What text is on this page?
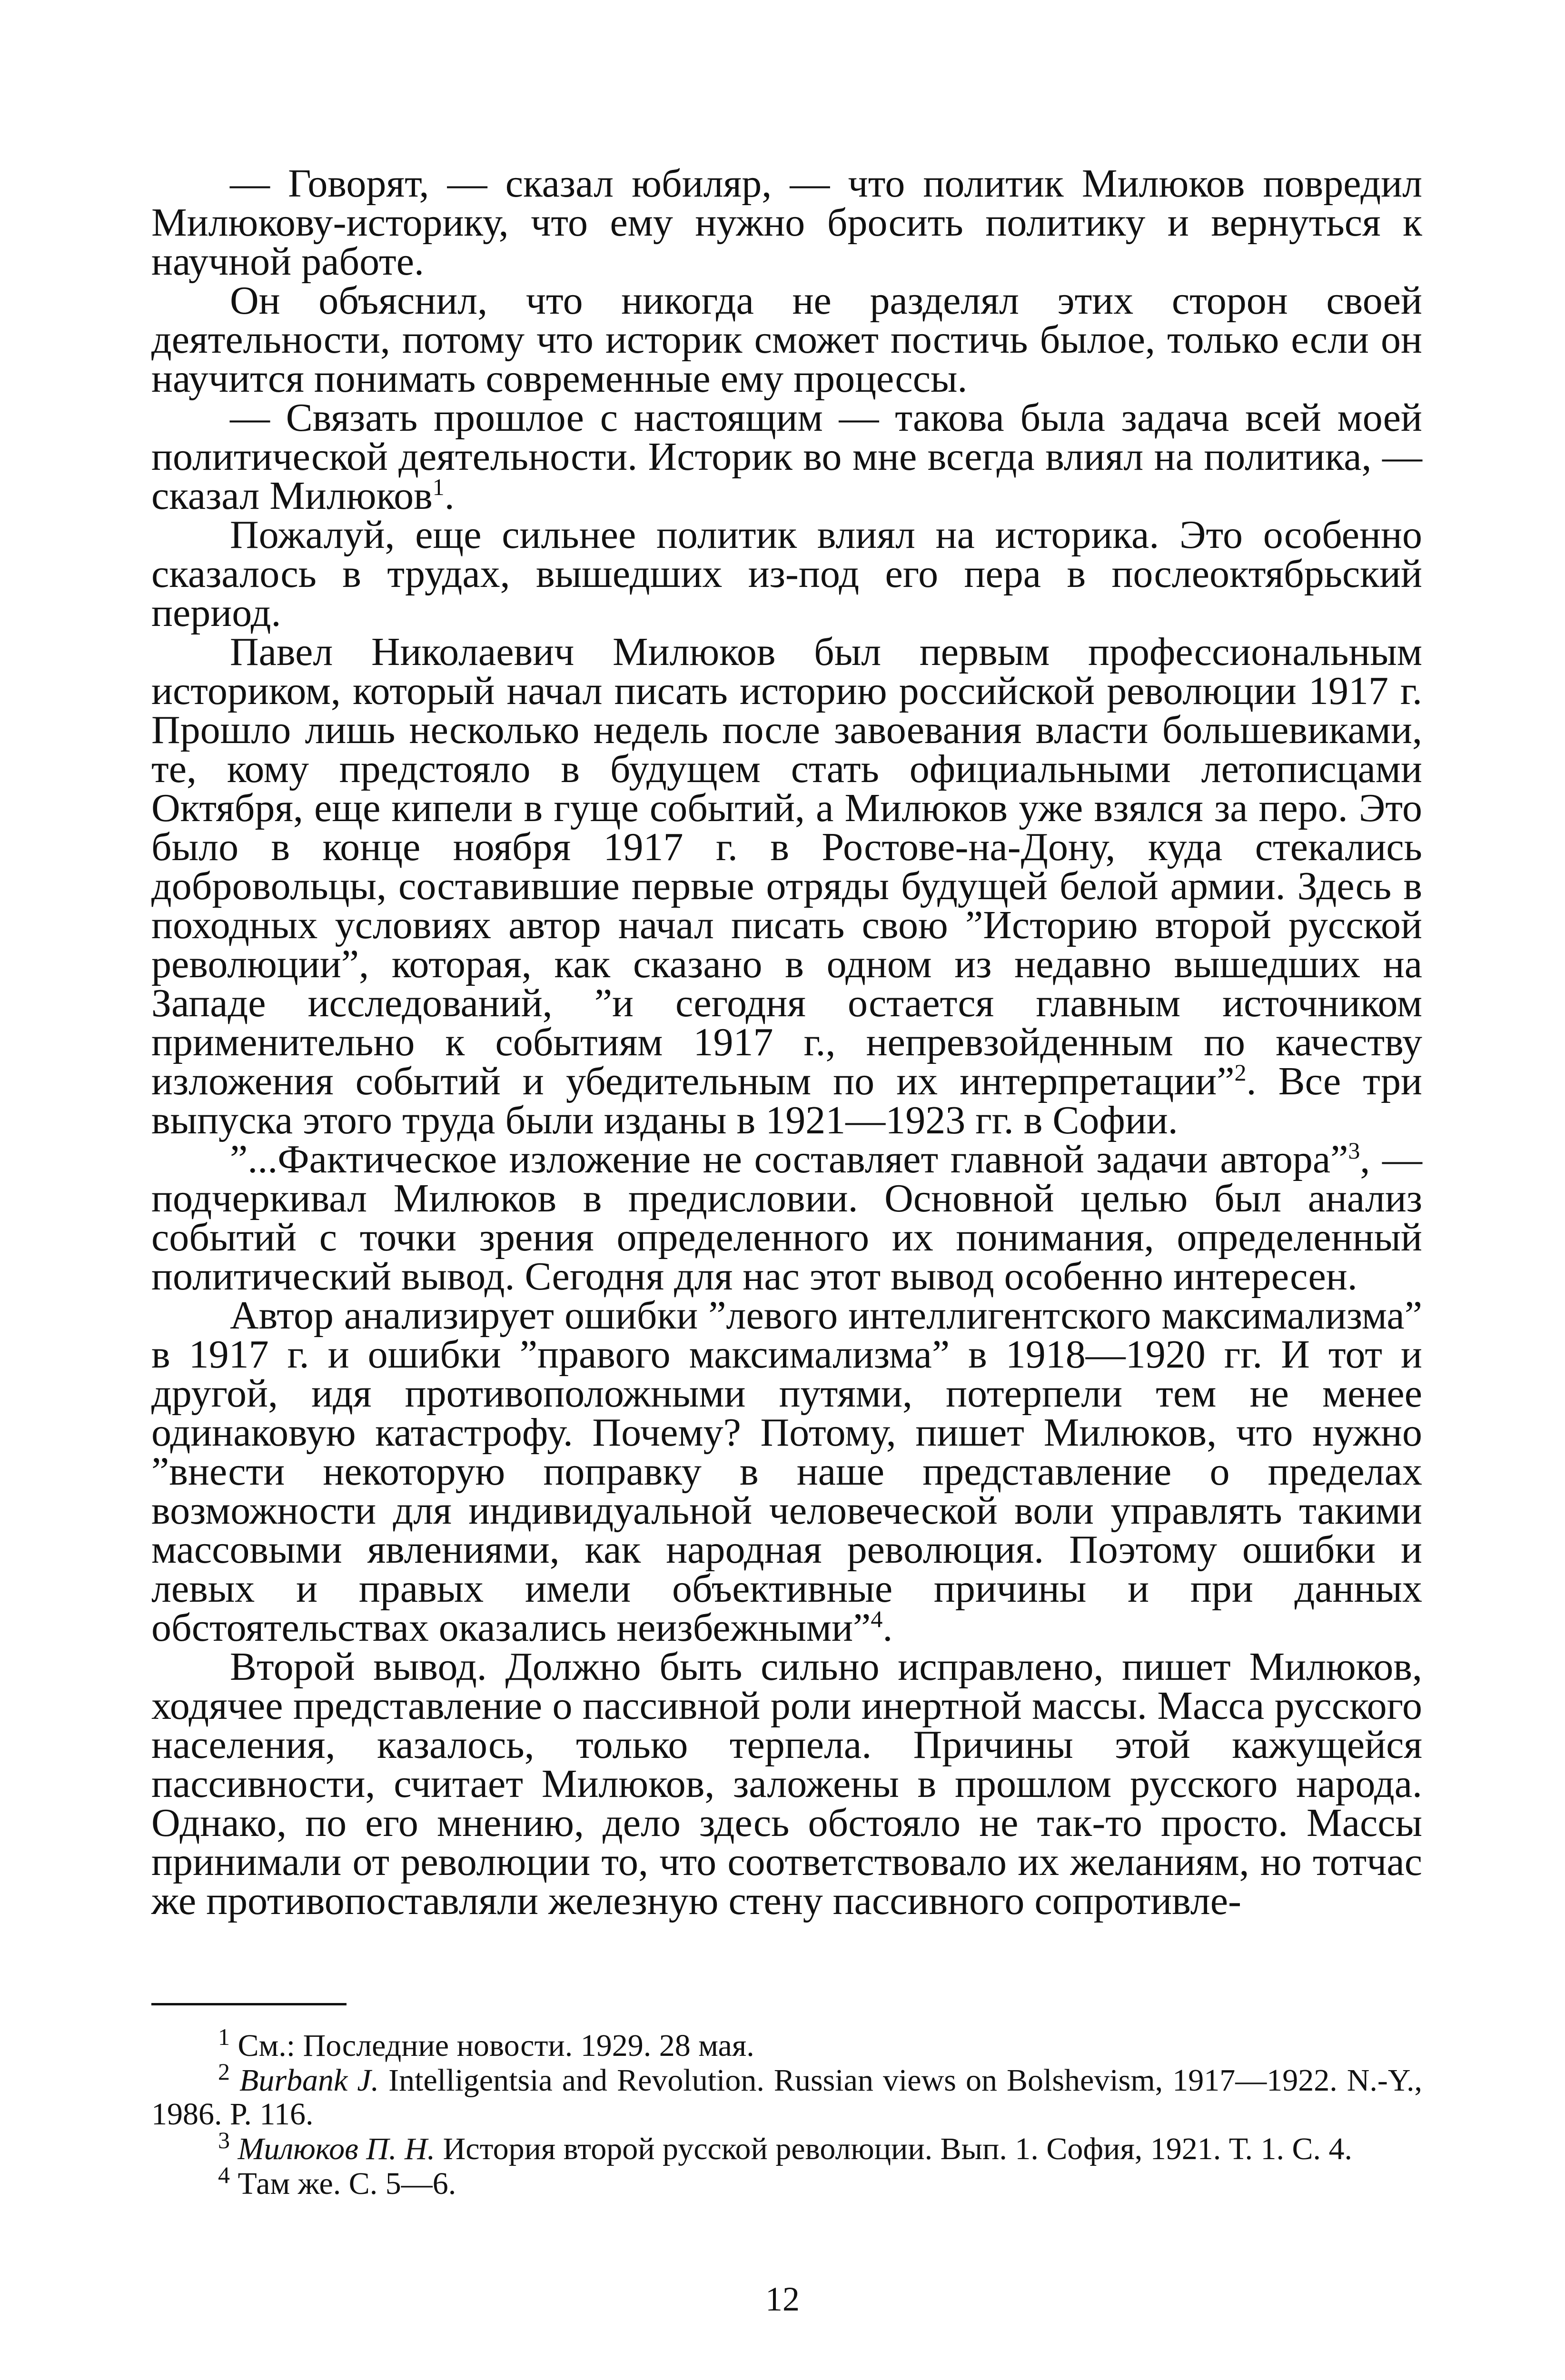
— Говорят, — сказал юбиляр, — что политик Милюков повредил Милюкову-историку, что ему нужно бросить политику и вернуться к научной работе.

Он объяснил, что никогда не разделял этих сторон своей деятельности, потому что историк сможет постичь былое, только если он научится понимать современные ему процессы.

— Связать прошлое с настоящим — такова была задача всей моей политической деятельности. Историк во мне всегда влиял на политика, — сказал Милюков$^1$.

Пожалуй, еще сильнее политик влиял на историка. Это особенно сказалось в трудах, вышедших из-под его пера в послеоктябрьский период.

Павел Николаевич Милюков был первым профессиональным историком, который начал писать историю российской революции 1917 г. Прошло лишь несколько недель после завоевания власти большевиками, те, кому предстояло в будущем стать официальными летописцами Октября, еще кипели в гуще событий, а Милюков уже взялся за перо. Это было в конце ноября 1917 г. в Ростове-на-Дону, куда стекались добровольцы, составившие первые отряды будущей белой армии. Здесь в походных условиях автор начал писать свою ”Историю второй русской революции”, которая, как сказано в одном из недавно вышедших на Западе исследований, ”и сегодня остается главным источником применительно к событиям 1917 г., непревзойденным по качеству изложения событий и убедительным по их интерпретации”$^2$. Все три выпуска этого труда были изданы в 1921—1923 гг. в Софии.

”...Фактическое изложение не составляет главной задачи автора”$^3$, — подчеркивал Милюков в предисловии. Основной целью был анализ событий с точки зрения определенного их понимания, определенный политический вывод. Сегодня для нас этот вывод особенно интересен.

Автор анализирует ошибки ”левого интеллигентского максимализма” в 1917 г. и ошибки ”правого максимализма” в 1918—1920 гг. И тот и другой, идя противоположными путями, потерпели тем не менее одинаковую катастрофу. Почему? Потому, пишет Милюков, что нужно ”внести некоторую поправку в наше представление о пределах возможности для индивидуальной человеческой воли управлять такими массовыми явлениями, как народная революция. Поэтому ошибки и левых и правых имели объективные причины и при данных обстоятельствах оказались неизбежными”$^4$.

Второй вывод. Должно быть сильно исправлено, пишет Милюков, ходячее представление о пассивной роли инертной массы. Масса русского населения, казалось, только терпела. Причины этой кажущейся пассивности, считает Милюков, заложены в прошлом русского народа. Однако, по его мнению, дело здесь обстояло не так-то просто. Массы принимали от революции то, что соответствовало их желаниям, но тотчас же противопоставляли железную стену пассивного сопротивле-

$^1$ См.: Последние новости. 1929. 28 мая.

$^2$ Burbank J. Intelligentsia and Revolution. Russian views on Bolshevism, 1917—1922. N.-Y., 1986. P. 116.

$^3$ Милюков П. Н. История второй русской революции. Вып. 1. София, 1921. Т. 1. С. 4.

$^4$ Там же. С. 5—6.

12
